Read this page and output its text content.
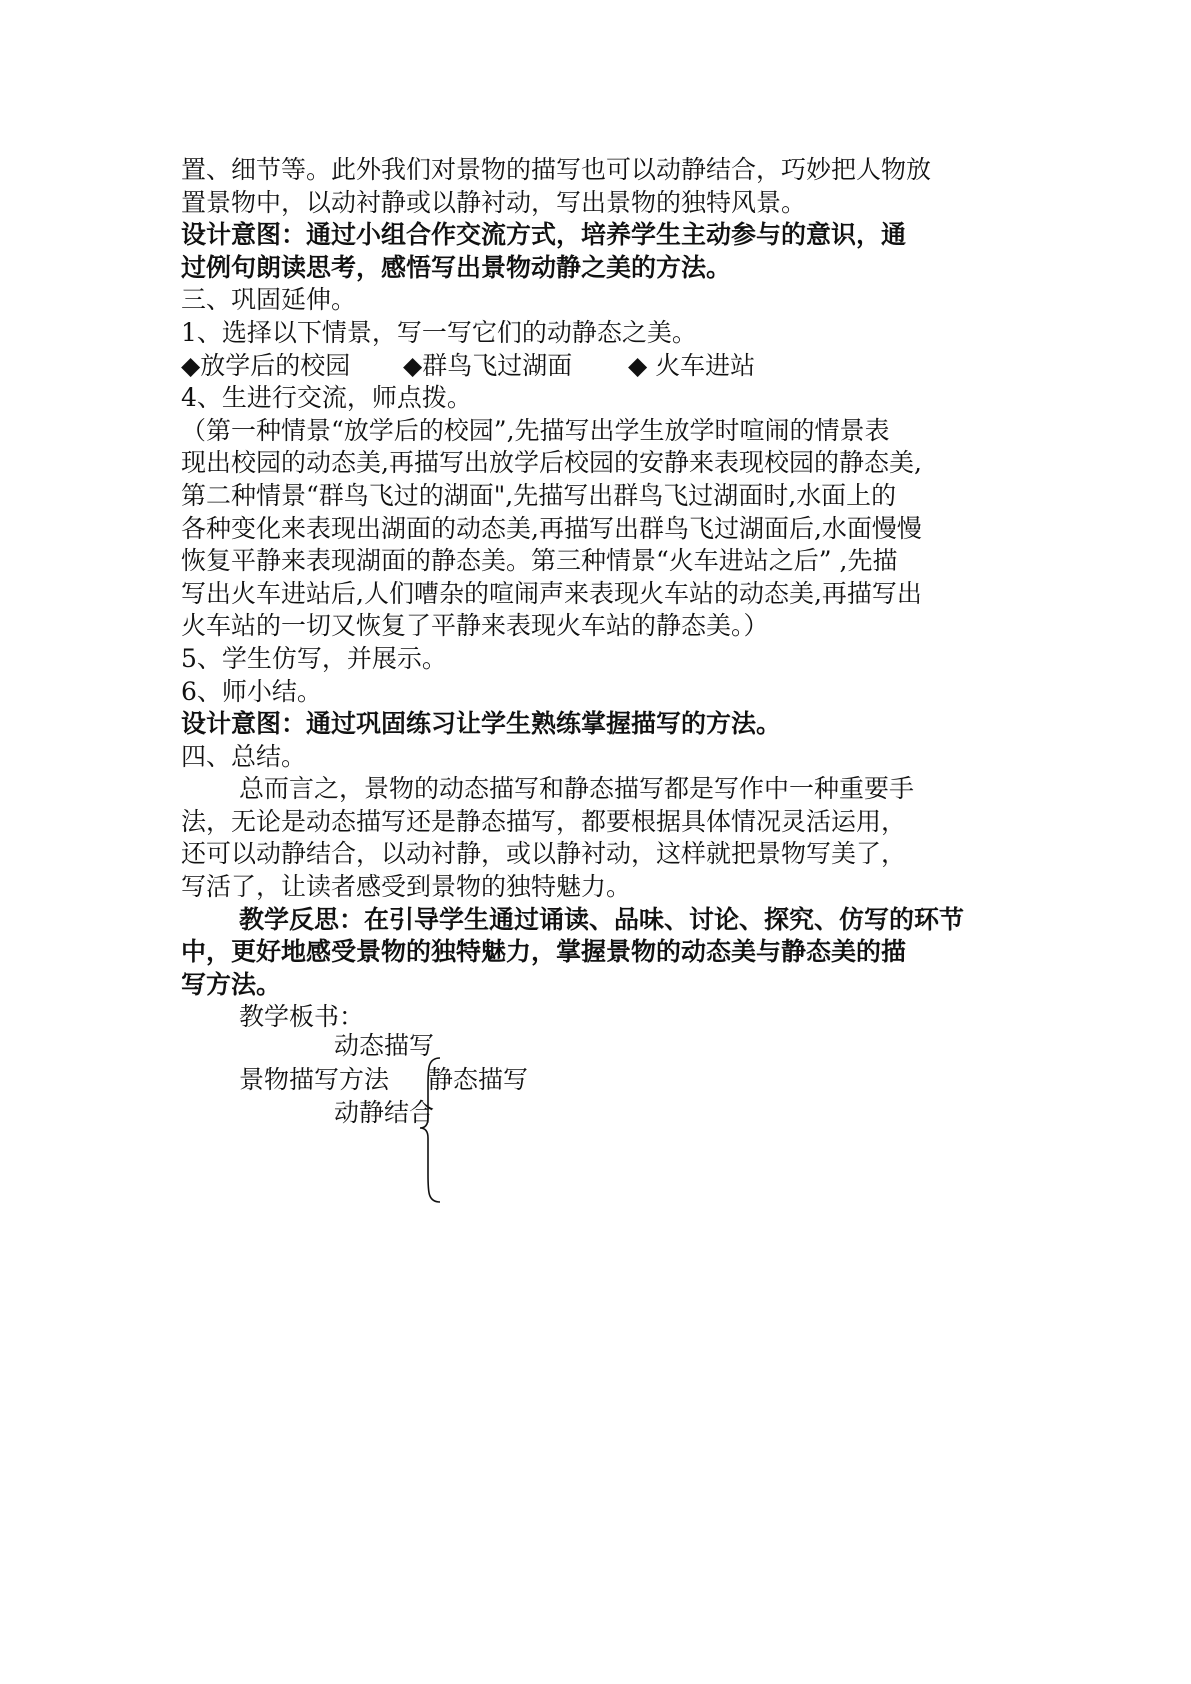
置、细节等。此外我们对景物的描写也可以动静结合，巧妙把人物放

置景物中，以动衬静或以静衬动，写出景物的独特风景。

设计意图：通过小组合作交流方式，培养学生主动参与的意识，通

过例句朗读思考，感悟写出景物动静之美的方法。

三、巩固延伸。

1、选择以下情景，写一写它们的动静态之美。

◆放学后的校园 ◆群鸟飞过湖面 ◆ 火车进站

4、生进行交流，师点拨。

（第一种情景“放学后的校园”,先描写出学生放学时喧闹的情景表

现出校园的动态美,再描写出放学后校园的安静来表现校园的静态美,

第二种情景“群鸟飞过的湖面",先描写出群鸟飞过湖面时,水面上的

各种变化来表现出湖面的动态美,再描写出群鸟飞过湖面后,水面慢慢

恢复平静来表现湖面的静态美。第三种情景“火车进站之后” ,先描

写出火车进站后,人们嘈杂的喧闹声来表现火车站的动态美,再描写出

火车站的一切又恢复了平静来表现火车站的静态美。）

5、学生仿写，并展示。

6、师小结。

设计意图：通过巩固练习让学生熟练掌握描写的方法。

四、总结。

总而言之，景物的动态描写和静态描写都是写作中一种重要手

法，无论是动态描写还是静态描写，都要根据具体情况灵活运用，

还可以动静结合，以动衬静，或以静衬动，这样就把景物写美了，

写活了，让读者感受到景物的独特魅力。

教学反思：在引导学生通过诵读、品味、讨论、探究、仿写的环节

中，更好地感受景物的独特魅力，掌握景物的动态美与静态美的描

写方法。

教学板书：

动态描写
景物描写方法 静态描写
动静结合
